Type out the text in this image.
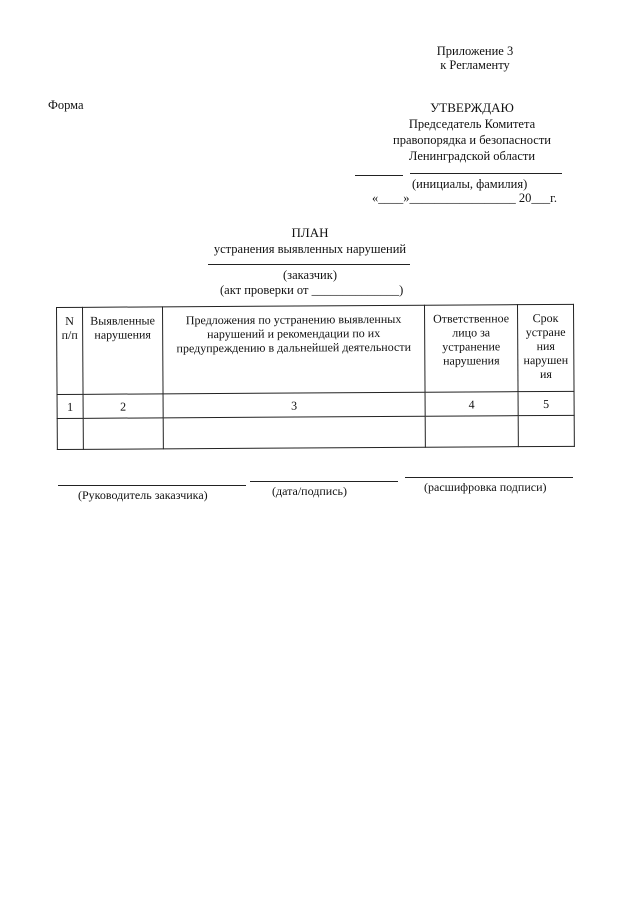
Приложение 3
к Регламенту
Форма	УТВЕРЖДАЮ
Председатель Комитета
правопорядка и безопасности
Ленинградской области
(инициалы, фамилия)
«____»_________________ 20___г.
ПЛАН
устранения выявленных нарушений
(заказчик)
(акт проверки от ______________)
N п/п	Выявленные нарушения	Предложения по устранению выявленных нарушений и рекомендации по их предупреждению в дальнейшей деятельности	Ответственное лицо за устранение нарушения	Срок устране ния нарушен ия
1	2	3	4	5

(Руководитель заказчика)	(дата/подпись)	(расшифровка подписи)
